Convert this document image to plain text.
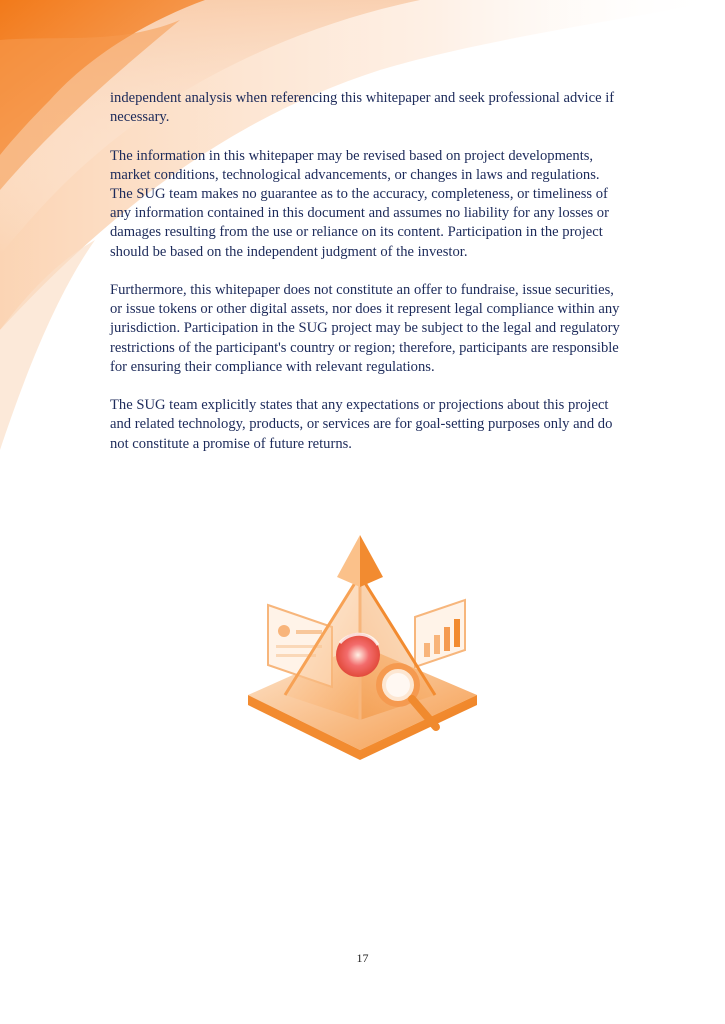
independent analysis when referencing this whitepaper and seek professional advice if necessary.

The information in this whitepaper may be revised based on project developments, market conditions, technological advancements, or changes in laws and regulations. The SUG team makes no guarantee as to the accuracy, completeness, or timeliness of any information contained in this document and assumes no liability for any losses or damages resulting from the use or reliance on its content. Participation in the project should be based on the independent judgment of the investor.

Furthermore, this whitepaper does not constitute an offer to fundraise, issue securities, or issue tokens or other digital assets, nor does it represent legal compliance within any jurisdiction. Participation in the SUG project may be subject to the legal and regulatory restrictions of the participant's country or region; therefore, participants are responsible for ensuring their compliance with relevant regulations.

The SUG team explicitly states that any expectations or projections about this project and related technology, products, or services are for goal-setting purposes only and do not constitute a promise of future returns.

17
